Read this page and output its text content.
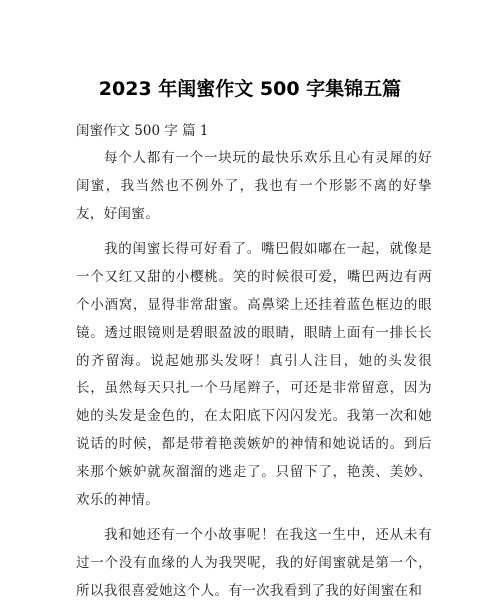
2023 年闺蜜作文 500 字集锦五篇
闺蜜作文 500 字 篇 1

每个人都有一个一块玩的最快乐欢乐且心有灵犀的好闺蜜，我当然也不例外了，我也有一个形影不离的好挚友，好闺蜜。

我的闺蜜长得可好看了。嘴巴假如嘟在一起，就像是一个又红又甜的小樱桃。笑的时候很可爱，嘴巴两边有两个小酒窝，显得非常甜蜜。高鼻梁上还挂着蓝色框边的眼镜。透过眼镜则是碧眼盈波的眼睛，眼睛上面有一排长长的齐留海。说起她那头发呀！真引人注目，她的头发很长，虽然每天只扎一个马尾辫子，可还是非常留意，因为她的头发是金色的，在太阳底下闪闪发光。我第一次和她说话的时候，都是带着艳羡嫉妒的神情和她说话的。到后来那个嫉妒就灰溜溜的逃走了。只留下了，艳羡、美妙、欢乐的神情。

我和她还有一个小故事呢！在我这一生中，还从未有过一个没有血缘的人为我哭呢，我的好闺蜜就是第一个，所以我很喜爱她这个人。有一次我看到了我的好闺蜜在和
